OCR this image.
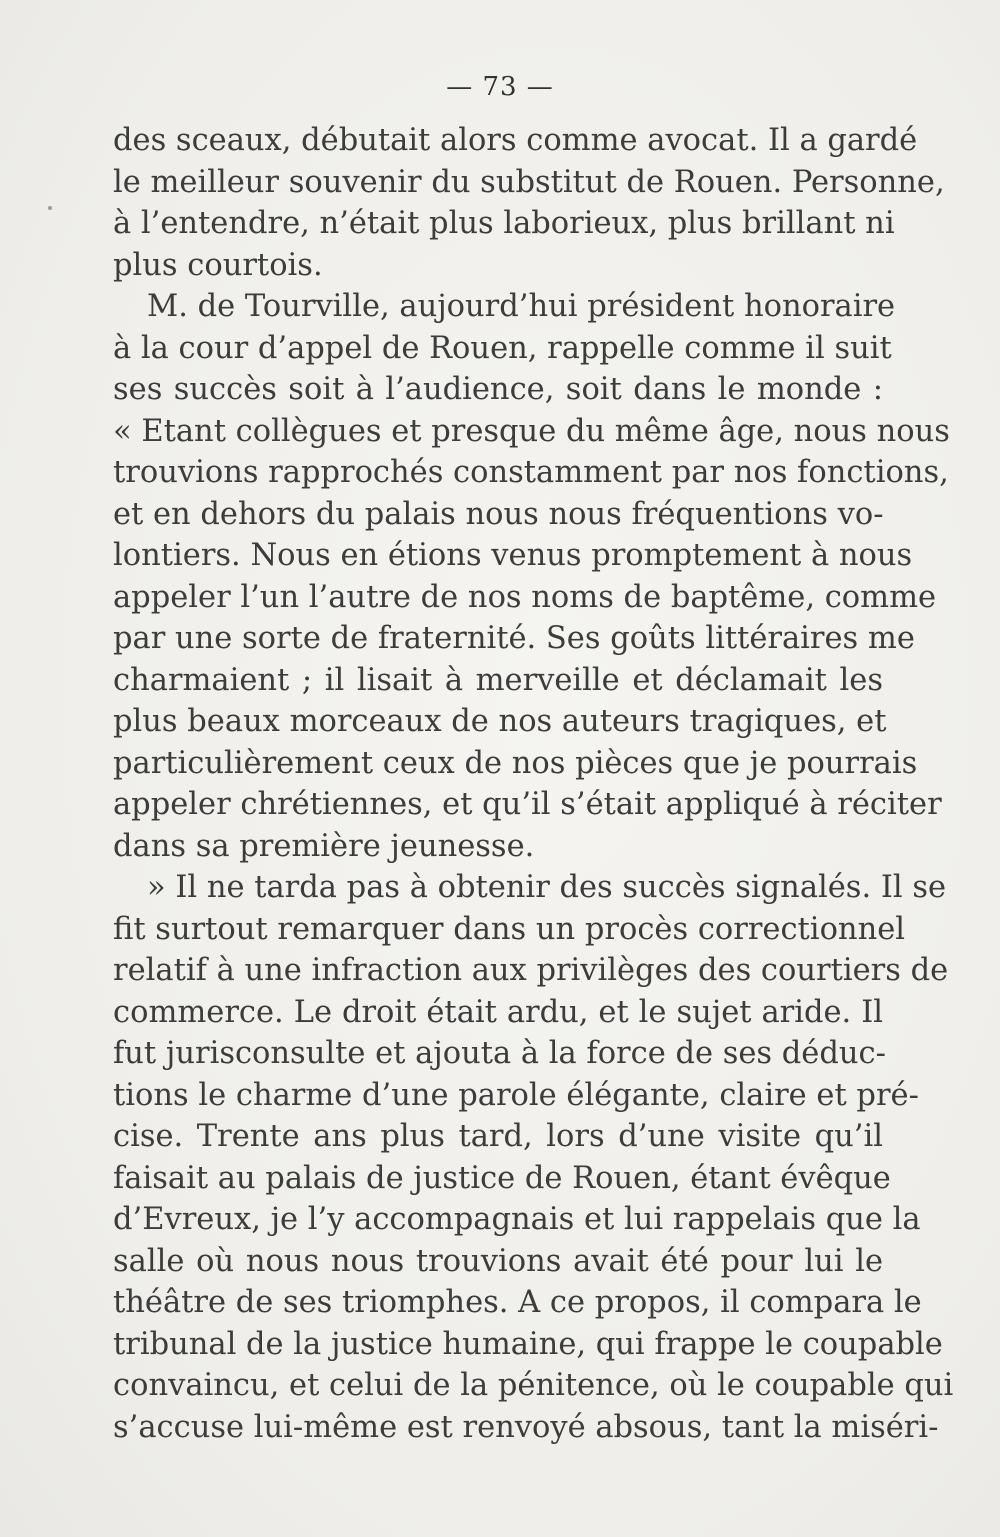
— 73 —
des sceaux, débutait alors comme avocat. Il a gardé
le meilleur souvenir du substitut de Rouen. Personne,
à l’entendre, n’était plus laborieux, plus brillant ni
plus courtois.
M. de Tourville, aujourd’hui président honoraire
à la cour d’appel de Rouen, rappelle comme il suit
ses succès soit à l’audience, soit dans le monde :
« Etant collègues et presque du même âge, nous nous
trouvions rapprochés constamment par nos fonctions,
et en dehors du palais nous nous fréquentions vo-
lontiers. Nous en étions venus promptement à nous
appeler l’un l’autre de nos noms de baptême, comme
par une sorte de fraternité. Ses goûts littéraires me
charmaient ; il lisait à merveille et déclamait les
plus beaux morceaux de nos auteurs tragiques, et
particulièrement ceux de nos pièces que je pourrais
appeler chrétiennes, et qu’il s’était appliqué à réciter
dans sa première jeunesse.
» Il ne tarda pas à obtenir des succès signalés. Il se
fit surtout remarquer dans un procès correctionnel
relatif à une infraction aux privilèges des courtiers de
commerce. Le droit était ardu, et le sujet aride. Il
fut jurisconsulte et ajouta à la force de ses déduc-
tions le charme d’une parole élégante, claire et pré-
cise. Trente ans plus tard, lors d’une visite qu’il
faisait au palais de justice de Rouen, étant évêque
d’Evreux, je l’y accompagnais et lui rappelais que la
salle où nous nous trouvions avait été pour lui le
théâtre de ses triomphes. A ce propos, il compara le
tribunal de la justice humaine, qui frappe le coupable
convaincu, et celui de la pénitence, où le coupable qui
s’accuse lui-même est renvoyé absous, tant la miséri-
